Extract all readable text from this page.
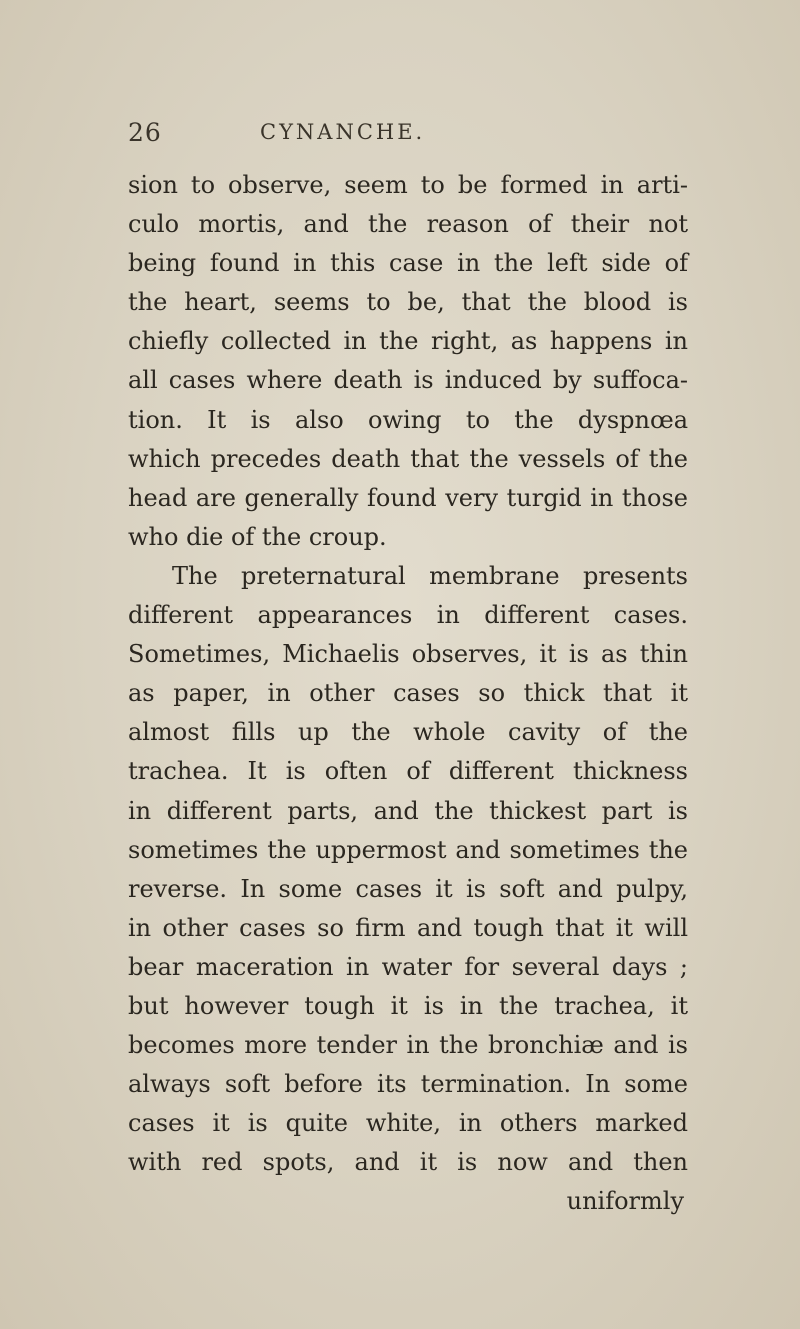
26	CYNANCHE.
sion to observe, seem to be formed in arti-
culo mortis, and the reason of their not
being found in this case in the left side of
the heart, seems to be, that the blood is
chiefly collected in the right, as happens in
all cases where death is induced by suffoca-
tion. It is also owing to the dyspnœa
which precedes death that the vessels of the
head are generally found very turgid in those
who die of the croup.
The preternatural membrane presents
different appearances in different cases.
Sometimes, Michaelis observes, it is as thin
as paper, in other cases so thick that it
almost fills up the whole cavity of the
trachea. It is often of different thickness
in different parts, and the thickest part is
sometimes the uppermost and sometimes the
reverse. In some cases it is soft and pulpy,
in other cases so firm and tough that it will
bear maceration in water for several days ;
but however tough it is in the trachea, it
becomes more tender in the bronchiæ and is
always soft before its termination. In some
cases it is quite white, in others marked
with red spots, and it is now and then
uniformly
